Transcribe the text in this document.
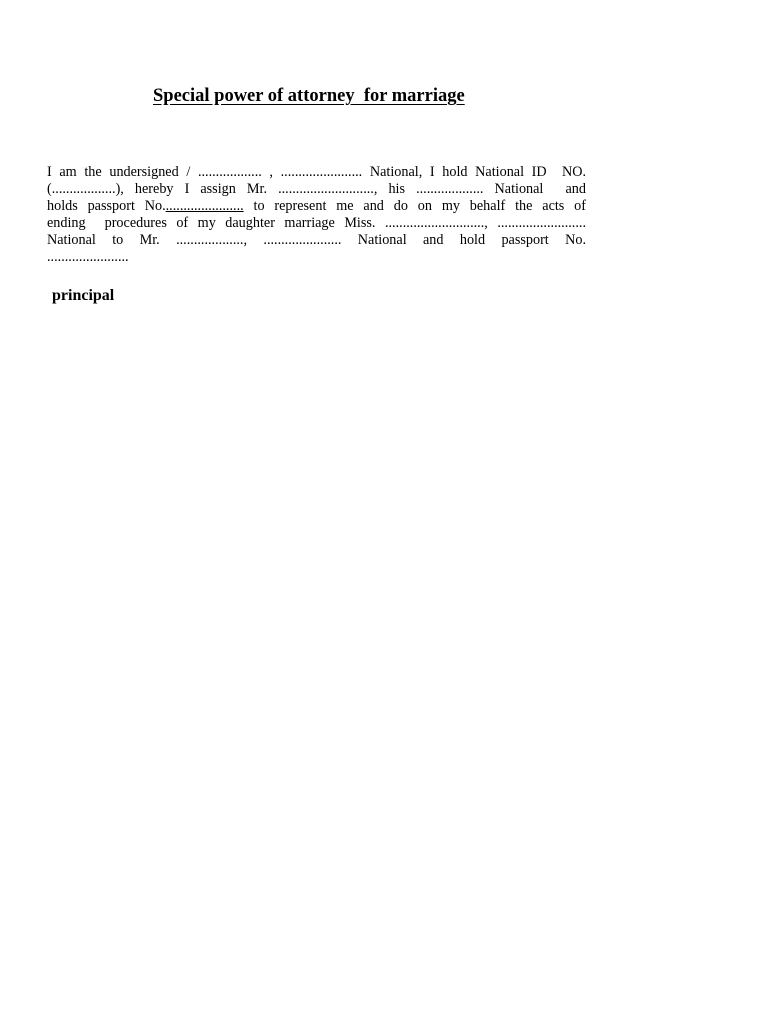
Special power of attorney  for marriage

I am the undersigned / .................. , ....................... National, I hold National ID  NO.
(..................), hereby I assign Mr. ..........................., his ................... National  and
holds passport No....................... to represent me and do on my behalf the acts of
ending  procedures of my daughter marriage Miss. ............................, .........................
National to Mr. ..................., ...................... National and hold passport No.
.......................

principal
